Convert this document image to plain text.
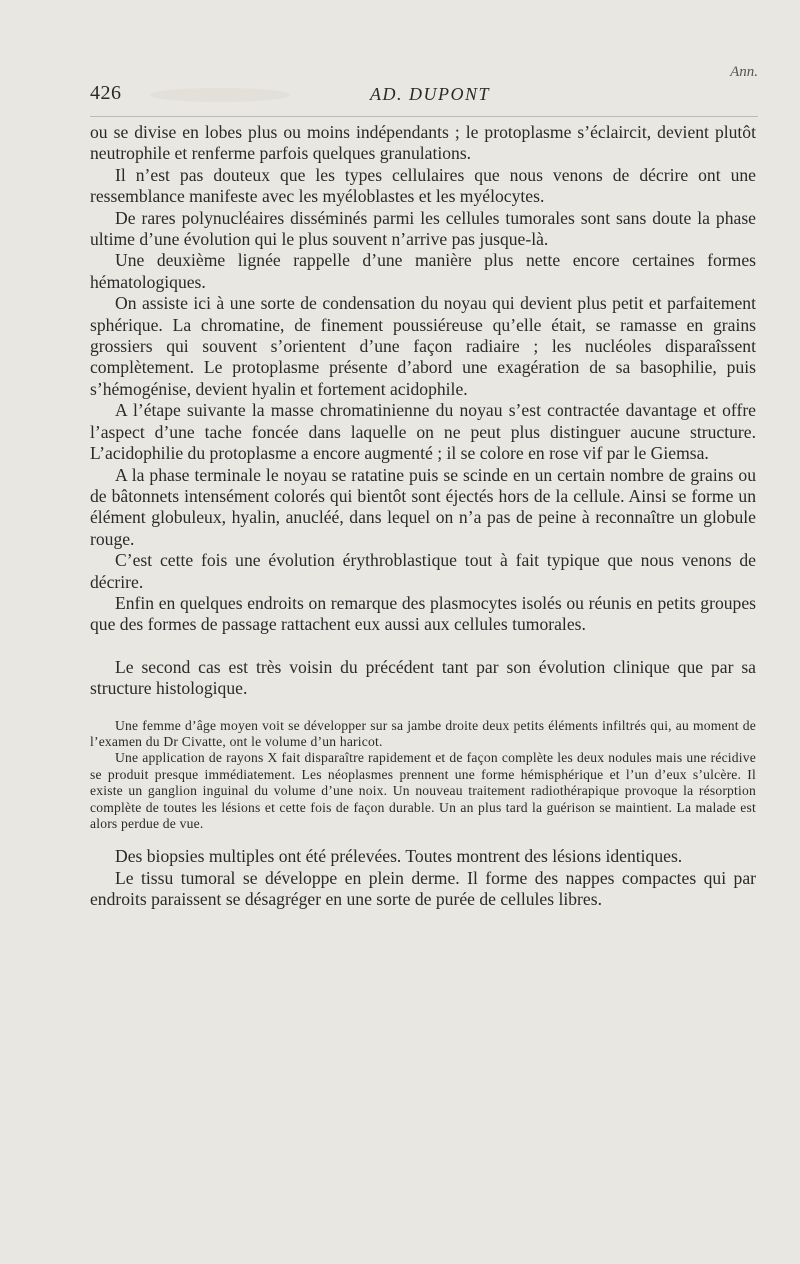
Ann.
426	AD. DUPONT

ou se divise en lobes plus ou moins indépendants ; le protoplasme s’éclaircit, devient plutôt neutrophile et renferme parfois quelques granulations.

Il n’est pas douteux que les types cellulaires que nous venons de décrire ont une ressemblance manifeste avec les myéloblastes et les myélocytes.

De rares polynucléaires disséminés parmi les cellules tumorales sont sans doute la phase ultime d’une évolution qui le plus souvent n’arrive pas jusque-là.

Une deuxième lignée rappelle d’une manière plus nette encore certaines formes hématologiques.

On assiste ici à une sorte de condensation du noyau qui devient plus petit et parfaitement sphérique. La chromatine, de finement poussiéreuse qu’elle était, se ramasse en grains grossiers qui souvent s’orientent d’une façon radiaire ; les nucléoles disparaîssent complètement. Le protoplasme présente d’abord une exagération de sa basophilie, puis s’hémogénise, devient hyalin et fortement acidophile.

A l’étape suivante la masse chromatinienne du noyau s’est contractée davantage et offre l’aspect d’une tache foncée dans laquelle on ne peut plus distinguer aucune structure. L’acidophilie du protoplasme a encore augmenté ; il se colore en rose vif par le Giemsa.

A la phase terminale le noyau se ratatine puis se scinde en un certain nombre de grains ou de bâtonnets intensément colorés qui bientôt sont éjectés hors de la cellule. Ainsi se forme un élément globuleux, hyalin, anucléé, dans lequel on n’a pas de peine à reconnaître un globule rouge.

C’est cette fois une évolution érythroblastique tout à fait typique que nous venons de décrire.

Enfin en quelques endroits on remarque des plasmocytes isolés ou réunis en petits groupes que des formes de passage rattachent eux aussi aux cellules tumorales.

Le second cas est très voisin du précédent tant par son évolution clinique que par sa structure histologique.

Une femme d’âge moyen voit se développer sur sa jambe droite deux petits éléments infiltrés qui, au moment de l’examen du Dr Civatte, ont le volume d’un haricot.

Une application de rayons X fait disparaître rapidement et de façon complète les deux nodules mais une récidive se produit presque immédiatement. Les néoplasmes prennent une forme hémisphérique et l’un d’eux s’ulcère. Il existe un ganglion inguinal du volume d’une noix. Un nouveau traitement radiothérapique provoque la résorption complète de toutes les lésions et cette fois de façon durable. Un an plus tard la guérison se maintient. La malade est alors perdue de vue.

Des biopsies multiples ont été prélevées. Toutes montrent des lésions identiques.

Le tissu tumoral se développe en plein derme. Il forme des nappes compactes qui par endroits paraissent se désagréger en une sorte de purée de cellules libres.
